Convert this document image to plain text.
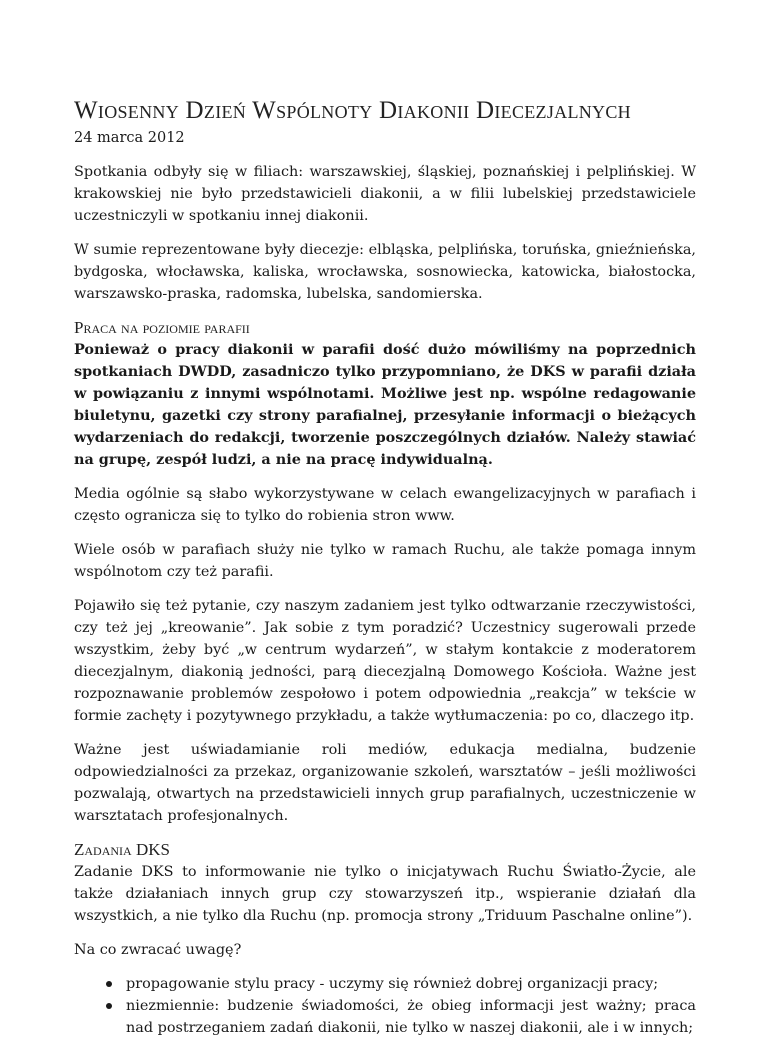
Wiosenny Dzień Wspólnoty Diakonii Diecezjalnych
24 marca 2012

Spotkania odbyły się w filiach: warszawskiej, śląskiej, poznańskiej i pelplińskiej. W krakowskiej nie było przedstawicieli diakonii, a w filii lubelskiej przedstawiciele uczestniczyli w spotkaniu innej diakonii.

W sumie reprezentowane były diecezje: elbląska, pelplińska, toruńska, gnieźnieńska, bydgoska, włocławska, kaliska, wrocławska, sosnowiecka, katowicka, białostocka, warszawsko-praska, radomska, lubelska, sandomierska.

Praca na poziomie parafii

Ponieważ o pracy diakonii w parafii dość dużo mówiliśmy na poprzednich spotkaniach DWDD, zasadniczo tylko przypomniano, że DKS w parafii działa w powiązaniu z innymi wspólnotami. Możliwe jest np. wspólne redagowanie biuletynu, gazetki czy strony parafialnej, przesyłanie informacji o bieżących wydarzeniach do redakcji, tworzenie poszczególnych działów. Należy stawiać na grupę, zespół ludzi, a nie na pracę indywidualną.

Media ogólnie są słabo wykorzystywane w celach ewangelizacyjnych w parafiach i często ogranicza się to tylko do robienia stron www.

Wiele osób w parafiach służy nie tylko w ramach Ruchu, ale także pomaga innym wspólnotom czy też parafii.

Pojawiło się też pytanie, czy naszym zadaniem jest tylko odtwarzanie rzeczywistości, czy też jej „kreowanie”. Jak sobie z tym poradzić? Uczestnicy sugerowali przede wszystkim, żeby być „w centrum wydarzeń”, w stałym kontakcie z moderatorem diecezjalnym, diakonią jedności, parą diecezjalną Domowego Kościoła. Ważne jest rozpoznawanie problemów zespołowo i potem odpowiednia „reakcja” w tekście w formie zachęty i pozytywnego przykładu, a także wytłumaczenia: po co, dlaczego itp.

Ważne jest uświadamianie roli mediów, edukacja medialna, budzenie odpowiedzialności za przekaz, organizowanie szkoleń, warsztatów – jeśli możliwości pozwalają, otwartych na przedstawicieli innych grup parafialnych, uczestniczenie w warsztatach profesjonalnych.

Zadania DKS

Zadanie DKS to informowanie nie tylko o inicjatywach Ruchu Światło-Życie, ale także działaniach innych grup czy stowarzyszeń itp., wspieranie działań dla wszystkich, a nie tylko dla Ruchu (np. promocja strony „Triduum Paschalne online”).

Na co zwracać uwagę?

propagowanie stylu pracy - uczymy się również dobrej organizacji pracy;
niezmiennie: budzenie świadomości, że obieg informacji jest ważny; praca nad postrzeganiem zadań diakonii, nie tylko w naszej diakonii, ale i w innych;
